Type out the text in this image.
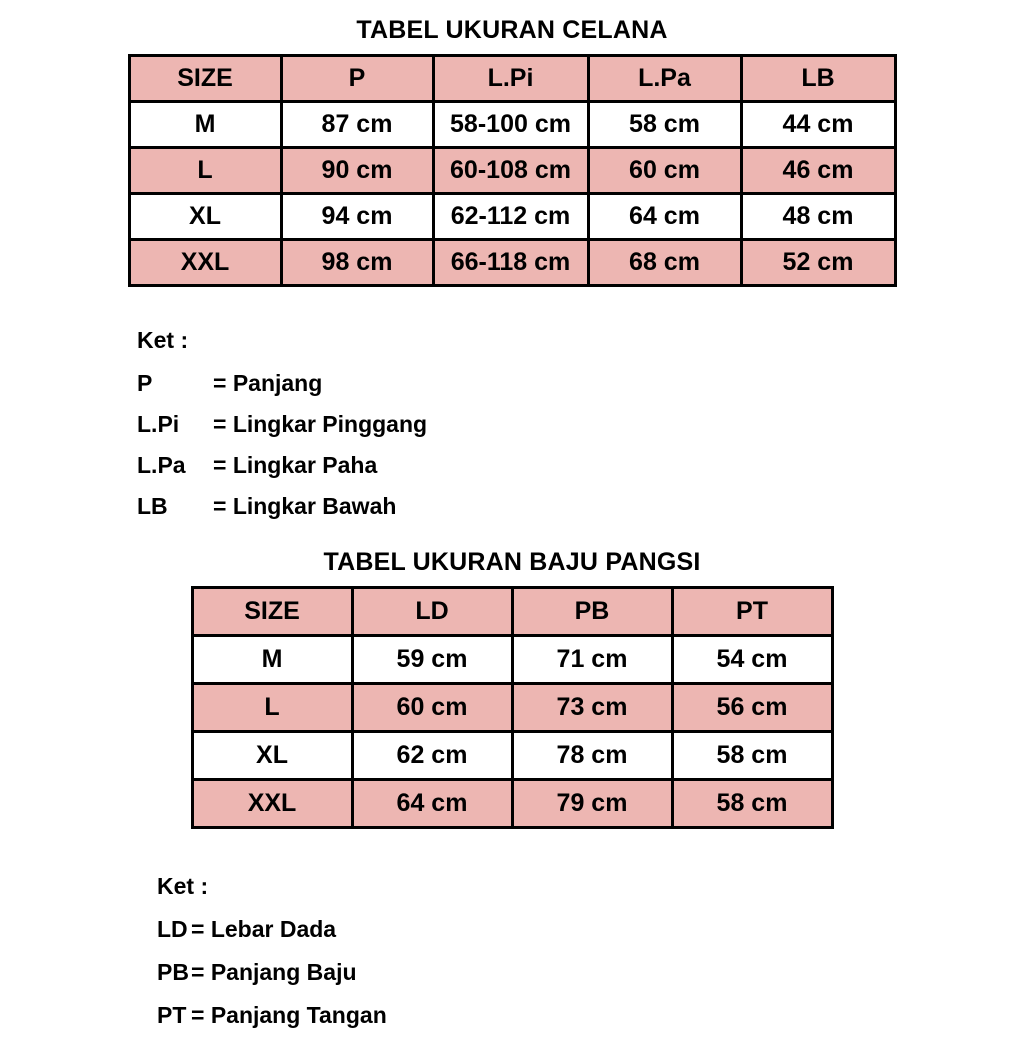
TABEL UKURAN CELANA
SIZE	P	L.Pi	L.Pa	LB
M	87 cm	58-100 cm	58 cm	44 cm
L	90 cm	60-108 cm	60 cm	46 cm
XL	94 cm	62-112 cm	64 cm	48 cm
XXL	98 cm	66-118 cm	68 cm	52 cm
Ket :
P	= Panjang
L.Pi	= Lingkar Pinggang
L.Pa	= Lingkar Paha
LB	= Lingkar Bawah
TABEL UKURAN BAJU PANGSI
SIZE	LD	PB	PT
M	59 cm	71 cm	54 cm
L	60 cm	73 cm	56 cm
XL	62 cm	78 cm	58 cm
XXL	64 cm	79 cm	58 cm
Ket :
LD = Lebar Dada
PB = Panjang Baju
PT = Panjang Tangan
